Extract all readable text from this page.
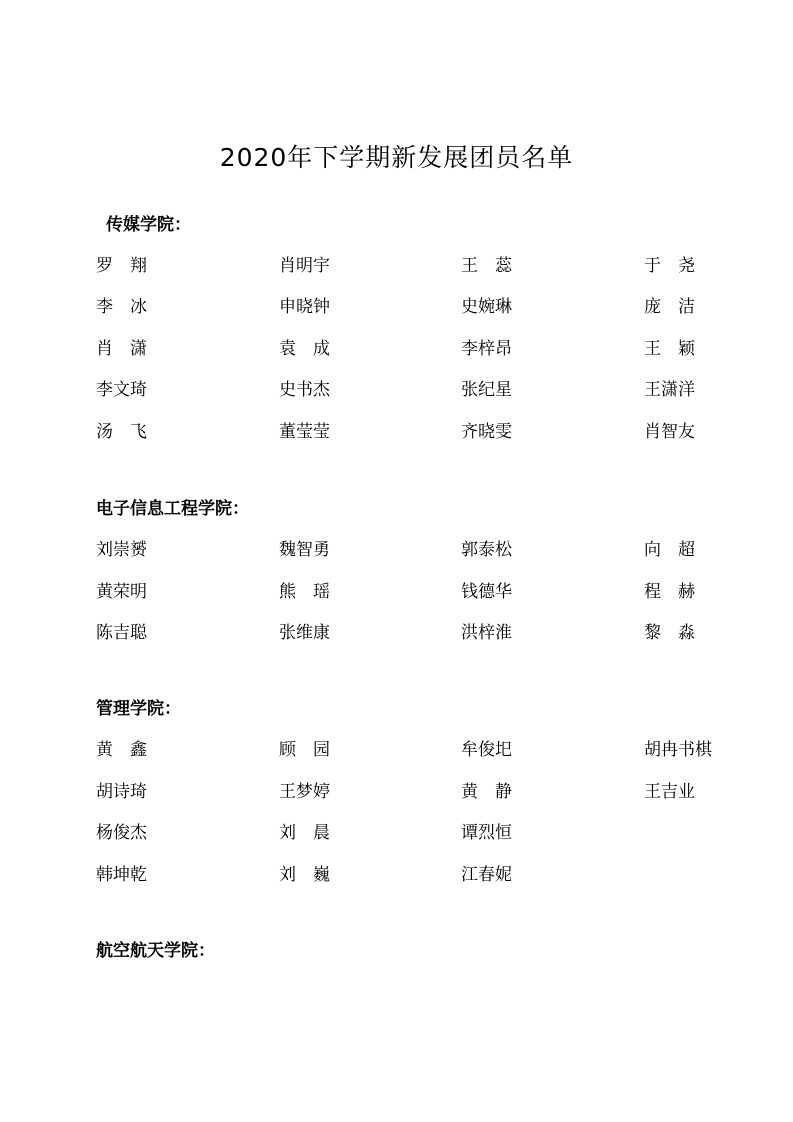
2020年下学期新发展团员名单
传媒学院：
罗　翔	肖明宇	王　蕊	于　尧
李　冰	申晓钟	史婉琳	庞　洁
肖　潇	袁　成	李梓昂	王　颖
李文琦	史书杰	张纪星	王潇洋
汤　飞	董莹莹	齐晓雯	肖智友
电子信息工程学院：
刘崇赟	魏智勇	郭泰松	向　超
黄荣明	熊　瑶	钱德华	程　赫
陈吉聪	张维康	洪梓淮	黎　淼
管理学院：
黄　鑫	顾　园	牟俊圯	胡冉书棋
胡诗琦	王梦婷	黄　静	王吉业
杨俊杰	刘　晨	谭烈恒
韩坤乾	刘　巍	江春妮
航空航天学院：
